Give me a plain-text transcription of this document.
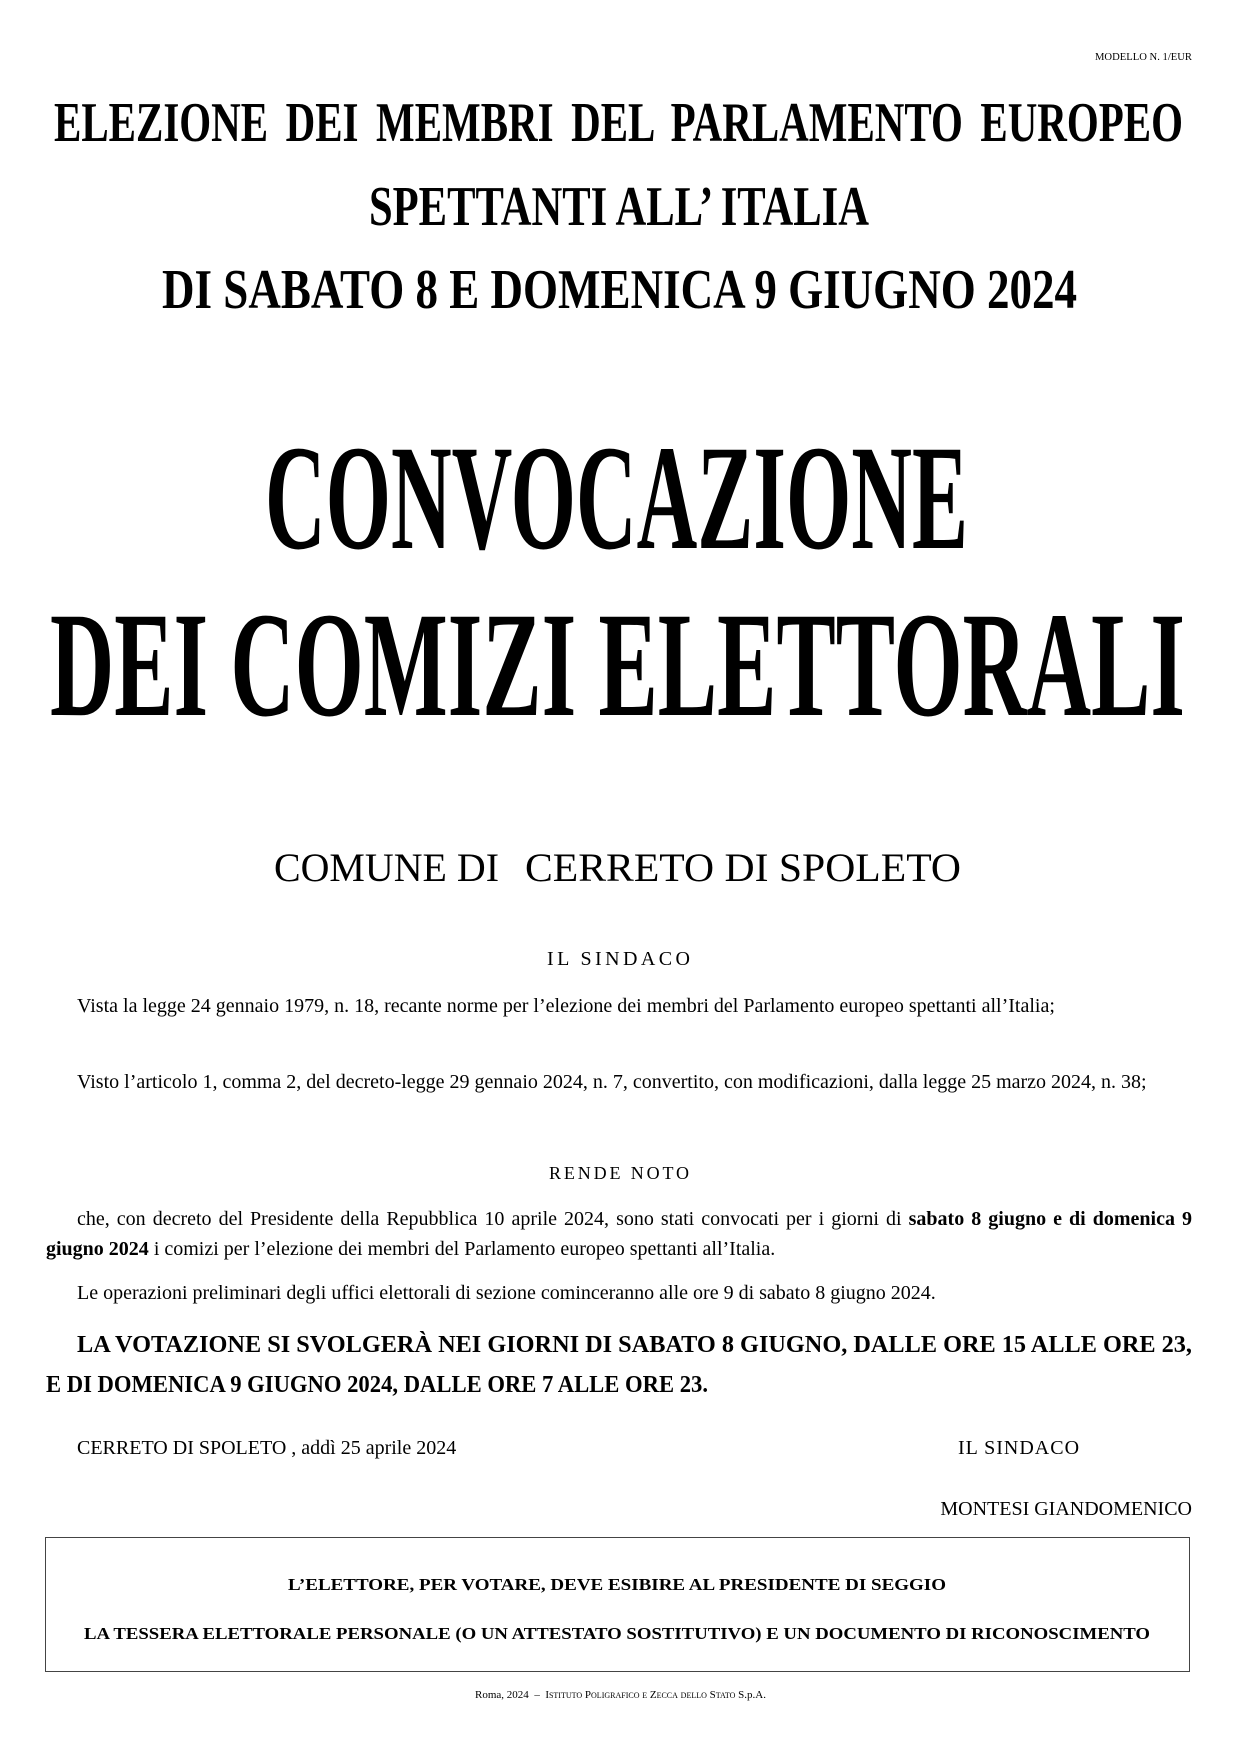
MODELLO N. 1/EUR
ELEZIONE DEI MEMBRI DEL PARLAMENTO EUROPEO
SPETTANTI ALL’ ITALIA
DI SABATO 8 E DOMENICA 9 GIUGNO 2024
CONVOCAZIONE
DEI COMIZI ELETTORALI
LA VOTAZIONE SI SVOLGERÀ NEI GIORNI DI SABATO 8 GIUGNO, DALLE ORE 15 ALLE ORE 23,
E DI DOMENICA 9 GIUGNO 2024, DALLE ORE 7 ALLE ORE 23.
L’ELETTORE, PER VOTARE, DEVE ESIBIRE AL PRESIDENTE DI SEGGIO
LA TESSERA ELETTORALE PERSONALE (O UN ATTESTATO SOSTITUTIVO) E UN DOCUMENTO DI RICONOSCIMENTO
COMUNE DI CERRETO DI SPOLETO
IL SINDACO
RENDE NOTO

Vista la legge 24 gennaio 1979, n. 18, recante norme per l’elezione dei membri del Parlamento europeo spettanti all’Italia;

Visto l’articolo 1, comma 2, del decreto-legge 29 gennaio 2024, n. 7, convertito, con modificazioni, dalla legge 25 marzo 2024, n. 38;

che, con decreto del Presidente della Repubblica 10 aprile 2024, sono stati convocati per i giorni di sabato 8 giugno e di domenica 9 giugno 2024 i comizi per l’elezione dei membri del Parlamento europeo spettanti all’Italia.

Le operazioni preliminari degli uffici elettorali di sezione cominceranno alle ore 9 di sabato 8 giugno 2024.

CERRETO DI SPOLETO , addì 25 aprile 2024	IL SINDACO
MONTESI GIANDOMENICO
Roma, 2024 – Istituto Poligrafico e Zecca dello Stato S.p.A.
